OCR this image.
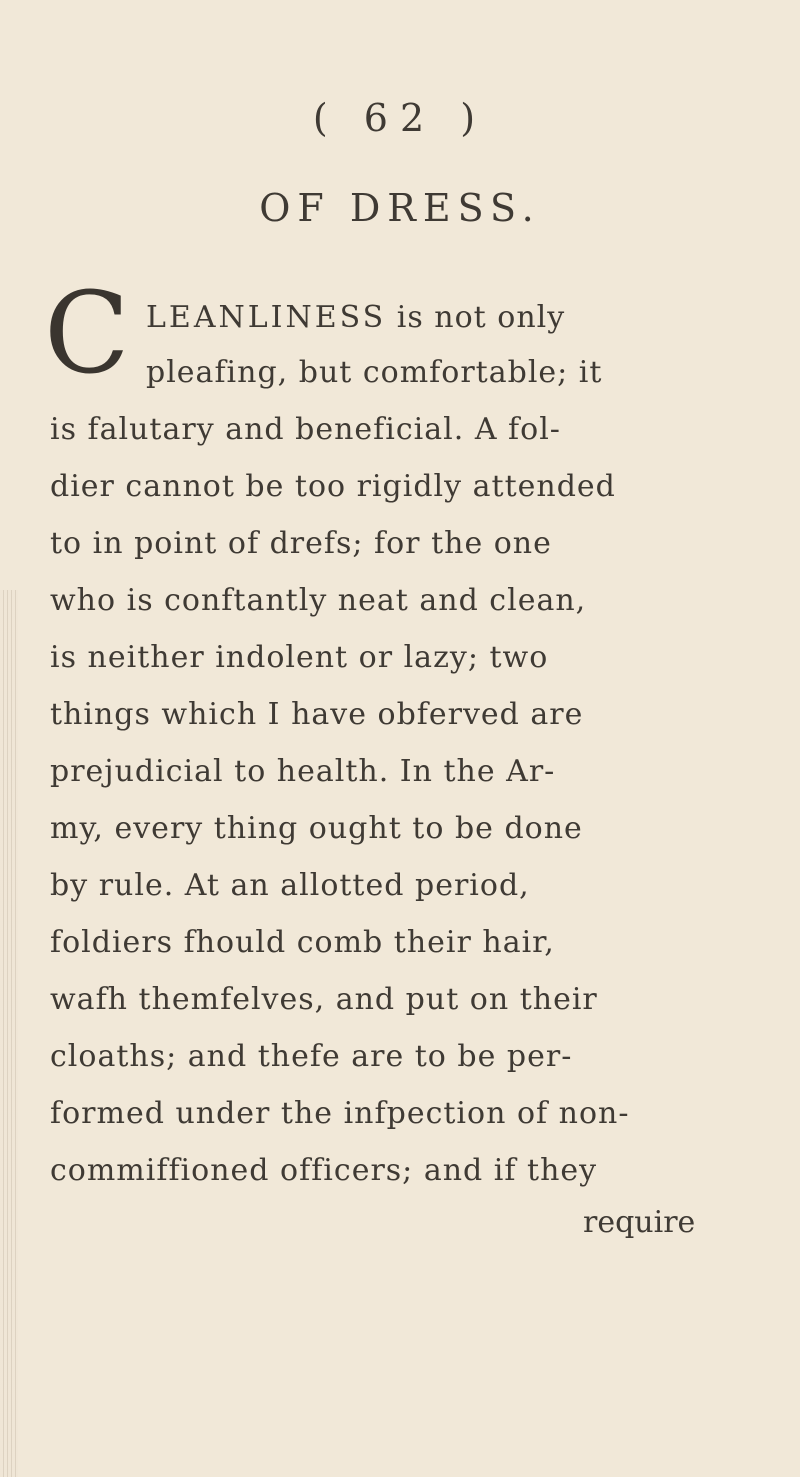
( 62 )
OF DRESS.
C LEANLINESS is not only
pleafing, but comfortable; it
is falutary and beneficial. A fol-
dier cannot be too rigidly attended
to in point of drefs; for the one
who is conftantly neat and clean,
is neither indolent or lazy; two
things which I have obferved are
prejudicial to health. In the Ar-
my, every thing ought to be done
by rule. At an allotted period,
foldiers fhould comb their hair,
wafh themfelves, and put on their
cloaths; and thefe are to be per-
formed under the infpection of non-
require
commiffioned officers; and if they
